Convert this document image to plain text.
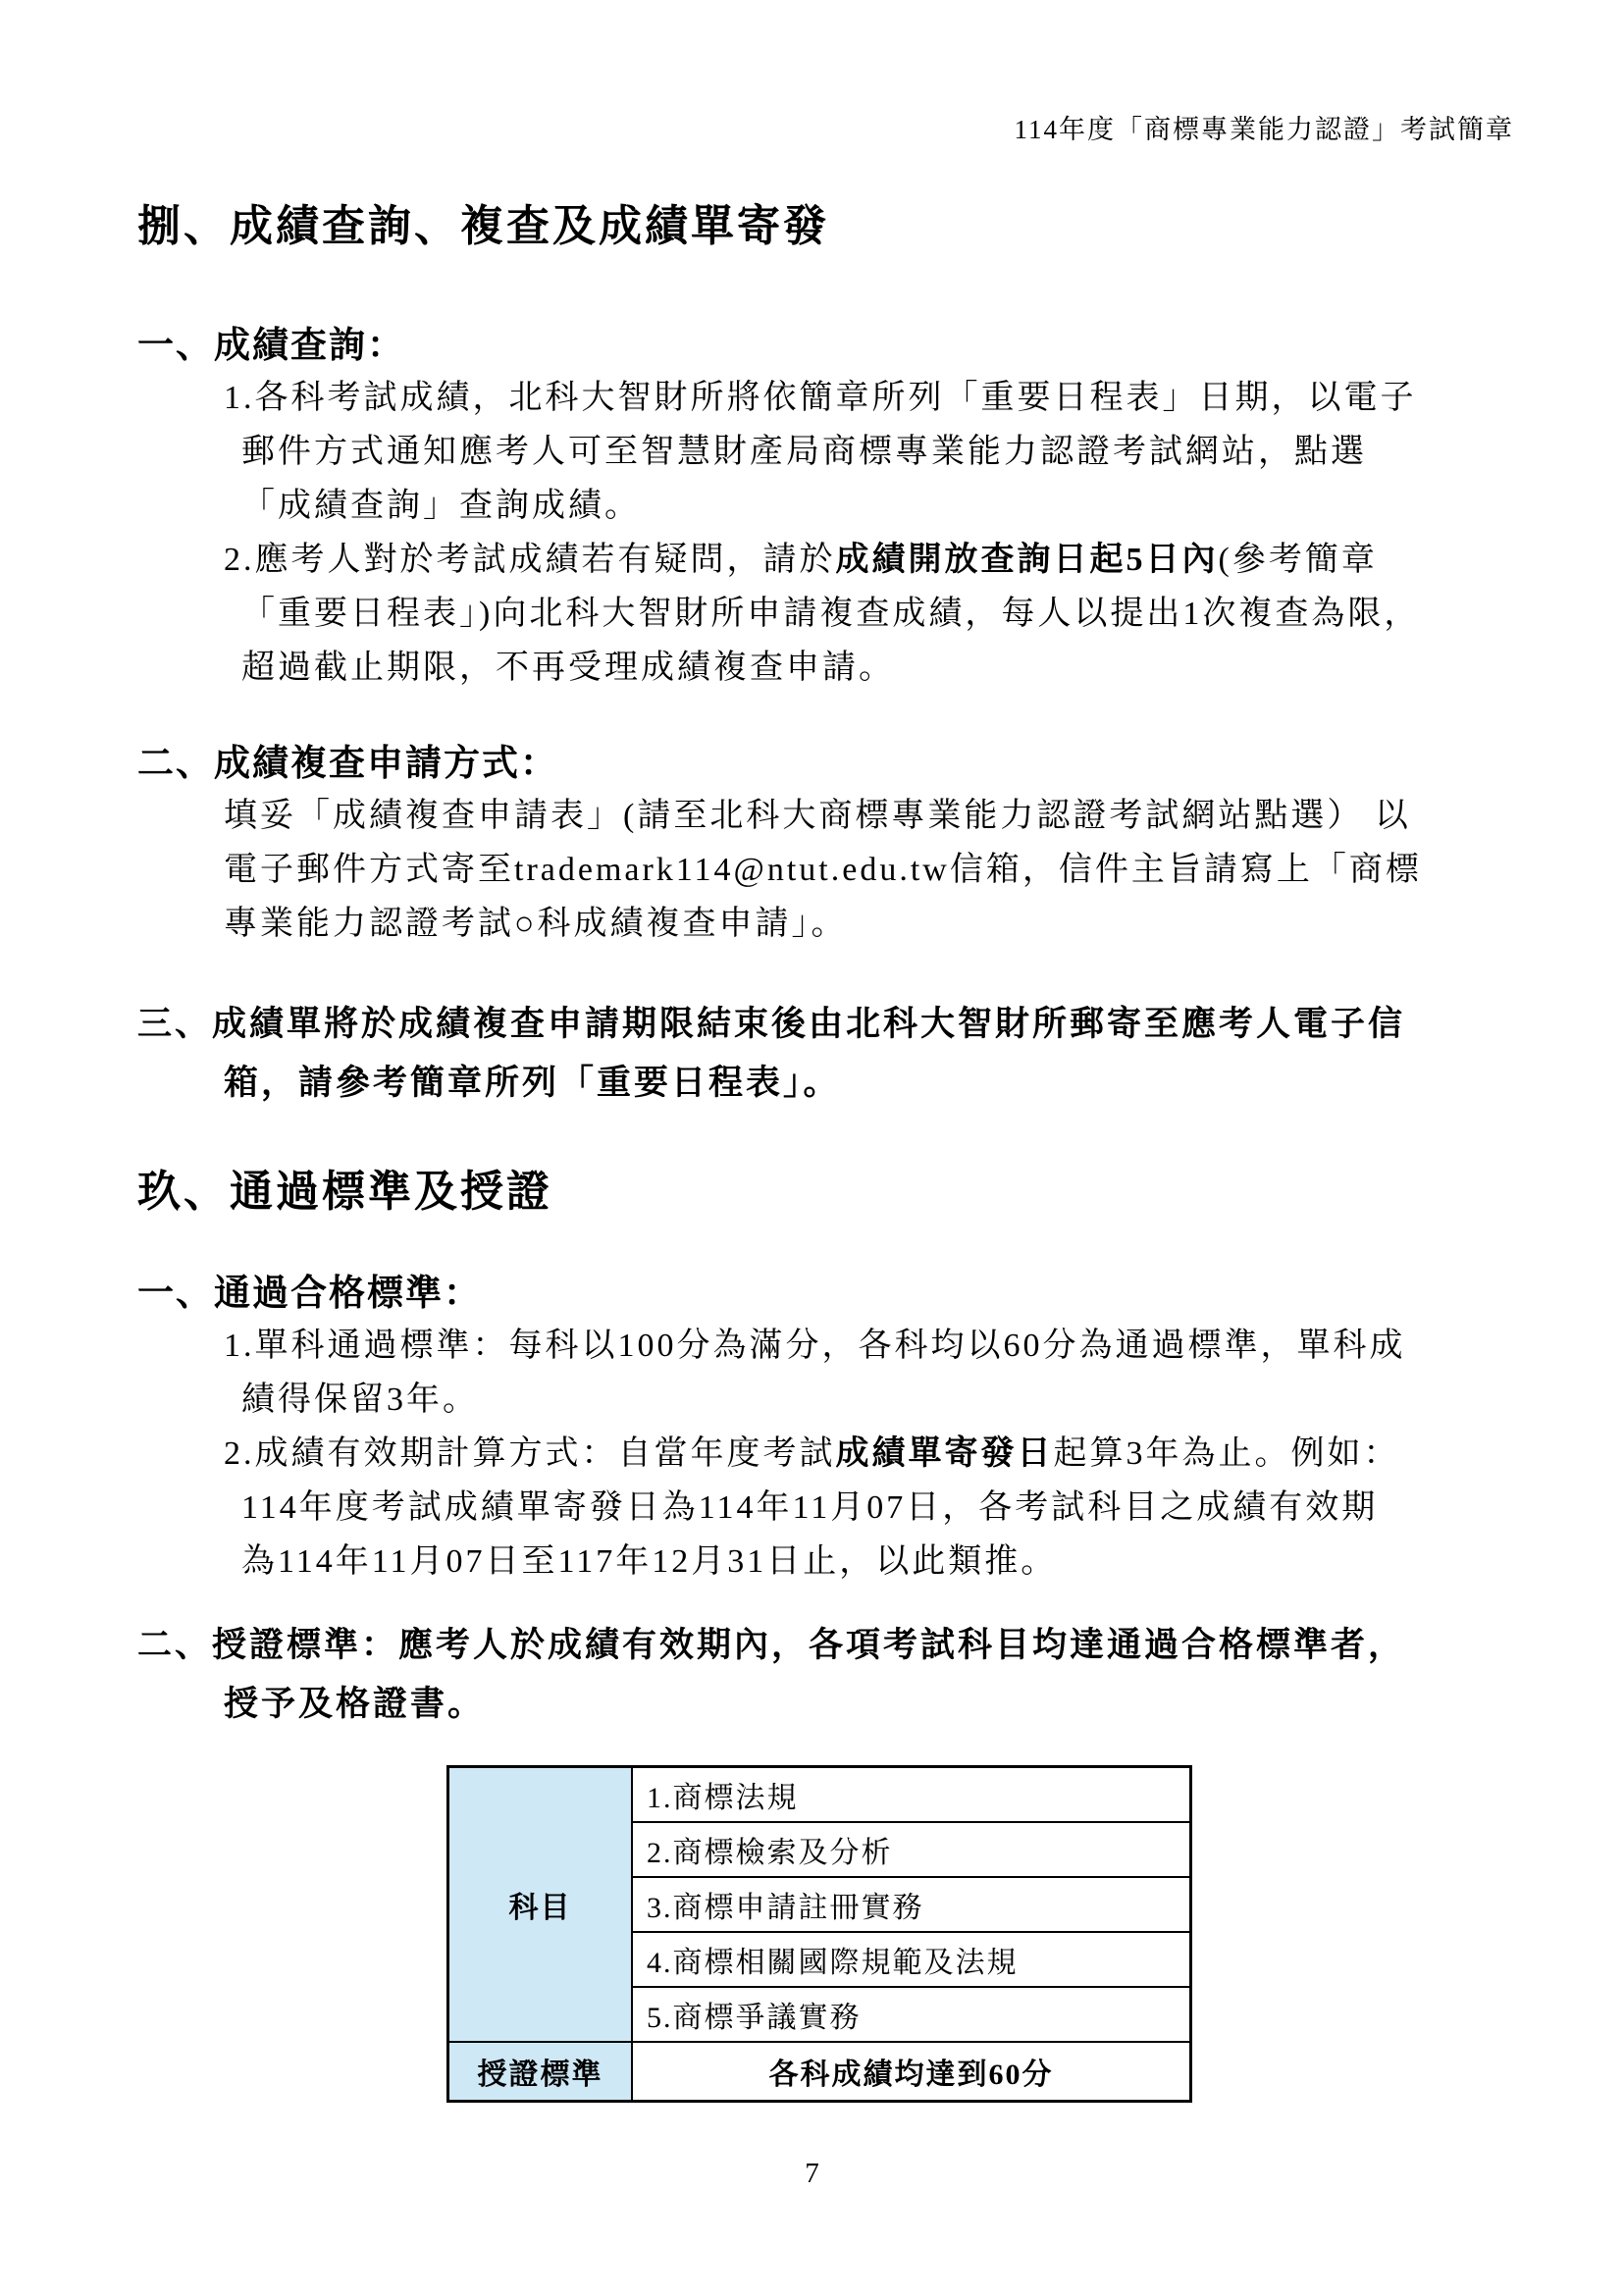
114年度「商標專業能力認證」考試簡章
捌、成績查詢、複查及成績單寄發
一、成績查詢：
1.各科考試成績，北科大智財所將依簡章所列「重要日程表」日期，以電子
郵件方式通知應考人可至智慧財產局商標專業能力認證考試網站，點選
「成績查詢」查詢成績。
2.應考人對於考試成績若有疑問，請於成績開放查詢日起5日內(參考簡章
「重要日程表」)向北科大智財所申請複查成績，每人以提出1次複查為限，
超過截止期限，不再受理成績複查申請。
二、成績複查申請方式：
填妥「成績複查申請表」(請至北科大商標專業能力認證考試網站點選） 以
電子郵件方式寄至trademark114@ntut.edu.tw信箱，信件主旨請寫上「商標
專業能力認證考試○科成績複查申請」。
三、成績單將於成績複查申請期限結束後由北科大智財所郵寄至應考人電子信
箱，請參考簡章所列「重要日程表」。
玖、通過標準及授證
一、通過合格標準：
1.單科通過標準：每科以100分為滿分，各科均以60分為通過標準，單科成
績得保留3年。
2.成績有效期計算方式：自當年度考試成績單寄發日起算3年為止。例如：
114年度考試成績單寄發日為114年11月07日，各考試科目之成績有效期
為114年11月07日至117年12月31日止，以此類推。
二、授證標準：應考人於成績有效期內，各項考試科目均達通過合格標準者，
授予及格證書。
科目	1.商標法規
	2.商標檢索及分析
	3.商標申請註冊實務
	4.商標相關國際規範及法規
	5.商標爭議實務
授證標準	各科成績均達到60分
7
